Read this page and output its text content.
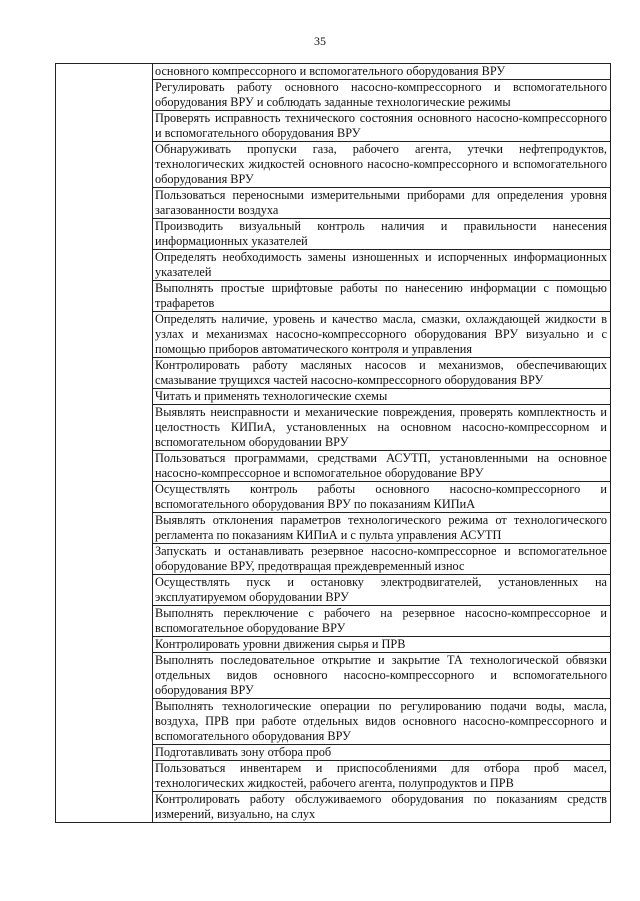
35

основного компрессорного и вспомогательного оборудования ВРУ

Регулировать работу основного насосно-компрессорного и вспомогательного оборудования ВРУ и соблюдать заданные технологические режимы

Проверять исправность технического состояния основного насосно-компрессорного и вспомогательного оборудования ВРУ

Обнаруживать пропуски газа, рабочего агента, утечки нефтепродуктов, технологических жидкостей основного насосно-компрессорного и вспомогательного оборудования ВРУ

Пользоваться переносными измерительными приборами для определения уровня загазованности воздуха

Производить визуальный контроль наличия и правильности нанесения информационных указателей

Определять необходимость замены изношенных и испорченных информационных указателей

Выполнять простые шрифтовые работы по нанесению информации с помощью трафаретов

Определять наличие, уровень и качество масла, смазки, охлаждающей жидкости в узлах и механизмах насосно-компрессорного оборудования ВРУ визуально и с помощью приборов автоматического контроля и управления

Контролировать работу масляных насосов и механизмов, обеспечивающих смазывание трущихся частей насосно-компрессорного оборудования ВРУ

Читать и применять технологические схемы

Выявлять неисправности и механические повреждения, проверять комплектность и целостность КИПиА, установленных на основном насосно-компрессорном и вспомогательном оборудовании ВРУ

Пользоваться программами, средствами АСУТП, установленными на основное насосно-компрессорное и вспомогательное оборудование ВРУ

Осуществлять контроль работы основного насосно-компрессорного и вспомогательного оборудования ВРУ по показаниям КИПиА

Выявлять отклонения параметров технологического режима от технологического регламента по показаниям КИПиА и с пульта управления АСУТП

Запускать и останавливать резервное насосно-компрессорное и вспомогательное оборудование ВРУ, предотвращая преждевременный износ

Осуществлять пуск и остановку электродвигателей, установленных на эксплуатируемом оборудовании ВРУ

Выполнять переключение с рабочего на резервное насосно-компрессорное и вспомогательное оборудование ВРУ

Контролировать уровни движения сырья и ПРВ

Выполнять последовательное открытие и закрытие ТА технологической обвязки отдельных видов основного насосно-компрессорного и вспомогательного оборудования ВРУ

Выполнять технологические операции по регулированию подачи воды, масла, воздуха, ПРВ при работе отдельных видов основного насосно-компрессорного и вспомогательного оборудования ВРУ

Подготавливать зону отбора проб

Пользоваться инвентарем и приспособлениями для отбора проб масел, технологических жидкостей, рабочего агента, полупродуктов и ПРВ

Контролировать работу обслуживаемого оборудования по показаниям средств измерений, визуально, на слух
